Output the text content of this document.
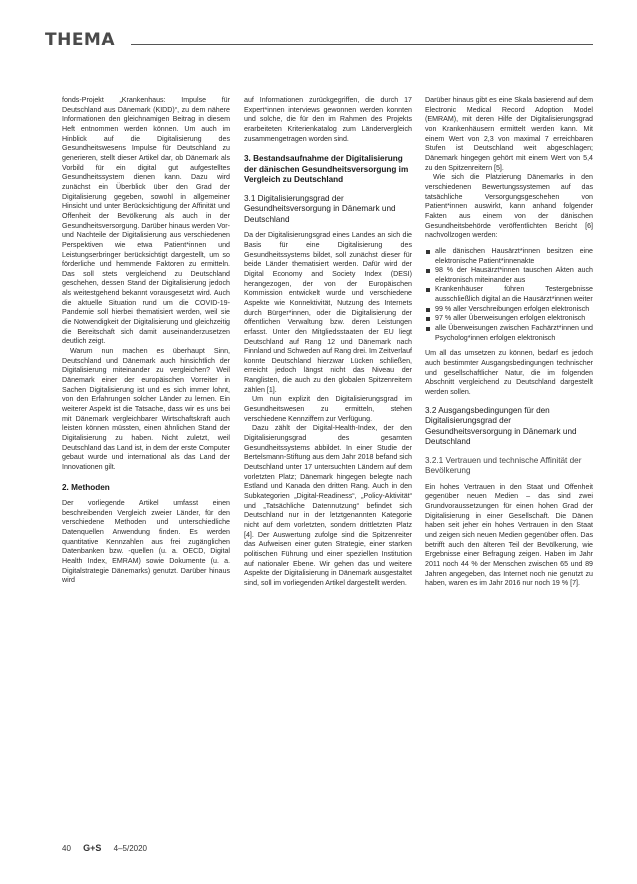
THEMA

fonds-Projekt „Krankenhaus: Impulse für Deutschland aus Dänemark (KIDD)“, zu dem nähere Informationen den gleichnamigen Beitrag in diesem Heft entnommen werden können. Um auch im Hinblick auf die Digitalisierung des Gesundheitswesens Impulse für Deutschland zu generieren, stellt dieser Artikel dar, ob Dänemark als Vorbild für ein digital gut aufgestelltes Gesundheitssystem dienen kann. Dazu wird zunächst ein Überblick über den Grad der Digitalisierung gegeben, sowohl in allgemeiner Hinsicht und unter Berücksichtigung der Affinität und Offenheit der Bevölkerung als auch in der Gesundheitsversorgung. Darüber hinaus werden Vor- und Nachteile der Digitalisierung aus verschiedenen Perspektiven wie etwa Patient*innen und Leistungserbringer berücksichtigt dargestellt, um so förderliche und hemmende Faktoren zu ermitteln. Das soll stets vergleichend zu Deutschland geschehen, dessen Stand der Digitalisierung jedoch als weitestgehend bekannt vorausgesetzt wird. Auch die aktuelle Situation rund um die COVID-19-Pandemie soll hierbei thematisiert werden, weil sie die Notwendigkeit der Digitalisierung und gleichzeitig die Bereitschaft sich damit auseinanderzusetzen deutlich zeigt.

Warum nun machen es überhaupt Sinn, Deutschland und Dänemark auch hinsichtlich der Digitalisierung miteinander zu vergleichen? Weil Dänemark einer der europäischen Vorreiter in Sachen Digitalisierung ist und es sich immer lohnt, von den Erfahrungen solcher Länder zu lernen. Ein weiterer Aspekt ist die Tatsache, dass wir es uns bei mit Dänemark vergleichbarer Wirtschaftskraft auch leisten können müssten, einen ähnlichen Stand der Digitalisierung zu haben. Nicht zuletzt, weil Deutschland das Land ist, in dem der erste Computer gebaut wurde und international als das Land der Innovationen gilt.

2. Methoden

Der vorliegende Artikel umfasst einen beschreibenden Vergleich zweier Länder, für den verschiedene Methoden und unterschiedliche Datenquellen Anwendung finden. Es werden quantitative Kennzahlen aus frei zugänglichen Datenbanken bzw. -quellen (u. a. OECD, Digital Health Index, EMRAM) sowie Dokumente (u. a. Digitalstrategie Dänemarks) genutzt. Darüber hinaus wird

auf Informationen zurückgegriffen, die durch 17 Expert*innen interviews gewonnen werden konnten und solche, die für den im Rahmen des Projekts erarbeiteten Kriterienkatalog zum Ländervergleich zusammengetragen worden sind.

3. Bestandsaufnahme der Digitalisierung der dänischen Gesundheitsversorgung im Vergleich zu Deutschland
3.1 Digitalisierungsgrad der Gesundheitsversorgung in Dänemark und Deutschland

Da der Digitalisierungsgrad eines Landes an sich die Basis für eine Digitalisierung des Gesundheitssystems bildet, soll zunächst dieser für beide Länder thematisiert werden. Dafür wird der Digital Economy and Society Index (DESI) herangezogen, der von der Europäischen Kommission entwickelt wurde und verschiedene Aspekte wie Konnektivität, Nutzung des Internets durch Bürger*innen, oder die Digitalisierung der öffentlichen Verwaltung bzw. deren Leistungen erfasst. Unter den Mitgliedsstaaten der EU liegt Deutschland auf Rang 12 und Dänemark nach Finnland und Schweden auf Rang drei. Im Zeitverlauf konnte Deutschland hierzwar Lücken schließen, erreicht jedoch längst nicht das Niveau der Ranglisten, die auch zu den globalen Spitzenreitern zählen [1].

Um nun explizit den Digitalisierungsgrad im Gesundheitswesen zu ermitteln, stehen verschiedene Kennziffern zur Verfügung.

Dazu zählt der Digital-Health-Index, der den Digitalisierungsgrad des gesamten Gesundheitssystems abbildet. In einer Studie der Bertelsmann-Stiftung aus dem Jahr 2018 befand sich Deutschland unter 17 untersuchten Ländern auf dem vorletzten Platz; Dänemark hingegen belegte nach Estland und Kanada den dritten Rang. Auch in den Subkategorien „Digital-Readiness“, „Policy-Aktivität“ und „Tatsächliche Datennutzung“ befindet sich Deutschland nur in der letztgenannten Kategorie nicht auf dem vorletzten, sondern drittletzten Platz [4]. Der Auswertung zufolge sind die Spitzenreiter das Aufweisen einer guten Strategie, einer starken politischen Führung und einer speziellen Institution auf nationaler Ebene. Wir gehen das und weitere Aspekte der Digitalisierung in Dänemark ausgestaltet sind, soll im vorliegenden Artikel dargestellt werden.

Darüber hinaus gibt es eine Skala basierend auf dem Electronic Medical Record Adoption Model (EMRAM), mit deren Hilfe der Digitalisierungsgrad von Krankenhäusern ermittelt werden kann. Mit einem Wert von 2,3 von maximal 7 erreichbaren Stufen ist Deutschland weit abgeschlagen; Dänemark hingegen gehört mit einem Wert von 5,4 zu den Spitzenreitern [5].

Wie sich die Platzierung Dänemarks in den verschiedenen Bewertungssystemen auf das tatsächliche Versorgungsgeschehen von Patient*innen auswirkt, kann anhand folgender Fakten aus einem von der dänischen Gesundheitsbehörde veröffentlichten Bericht [6] nachvollzogen werden:

alle dänischen Hausärzt*innen besitzen eine elektronische Patient*innenakte
98 % der Hausärzt*innen tauschen Akten auch elektronisch miteinander aus
Krankenhäuser führen Testergebnisse ausschließlich digital an die Hausärzt*innen weiter
99 % aller Verschreibungen erfolgen elektronisch
97 % aller Überweisungen erfolgen elektronisch
alle Überweisungen zwischen Fachärzt*innen und Psycholog*innen erfolgen elektronisch

Um all das umsetzen zu können, bedarf es jedoch auch bestimmter Ausgangsbedingungen technischer und gesellschaftlicher Natur, die im folgenden Abschnitt vergleichend zu Deutschland dargestellt werden sollen.

3.2 Ausgangsbedingungen für den Digitalisierungsgrad der Gesundheitsversorgung in Dänemark und Deutschland
3.2.1 Vertrauen und technische Affinität der Bevölkerung

Ein hohes Vertrauen in den Staat und Offenheit gegenüber neuen Medien – das sind zwei Grundvoraussetzungen für einen hohen Grad der Digitalisierung in einer Gesellschaft. Die Dänen haben seit jeher ein hohes Vertrauen in den Staat und zeigen sich neuen Medien gegenüber offen. Das betrifft auch den älteren Teil der Bevölkerung, wie Ergebnisse einer Befragung zeigen. Haben im Jahr 2011 noch 44 % der Menschen zwischen 65 und 89 Jahren angegeben, das Internet noch nie genutzt zu haben, waren es im Jahr 2016 nur noch 19 % [7].

40 G+S 4–5/2020
